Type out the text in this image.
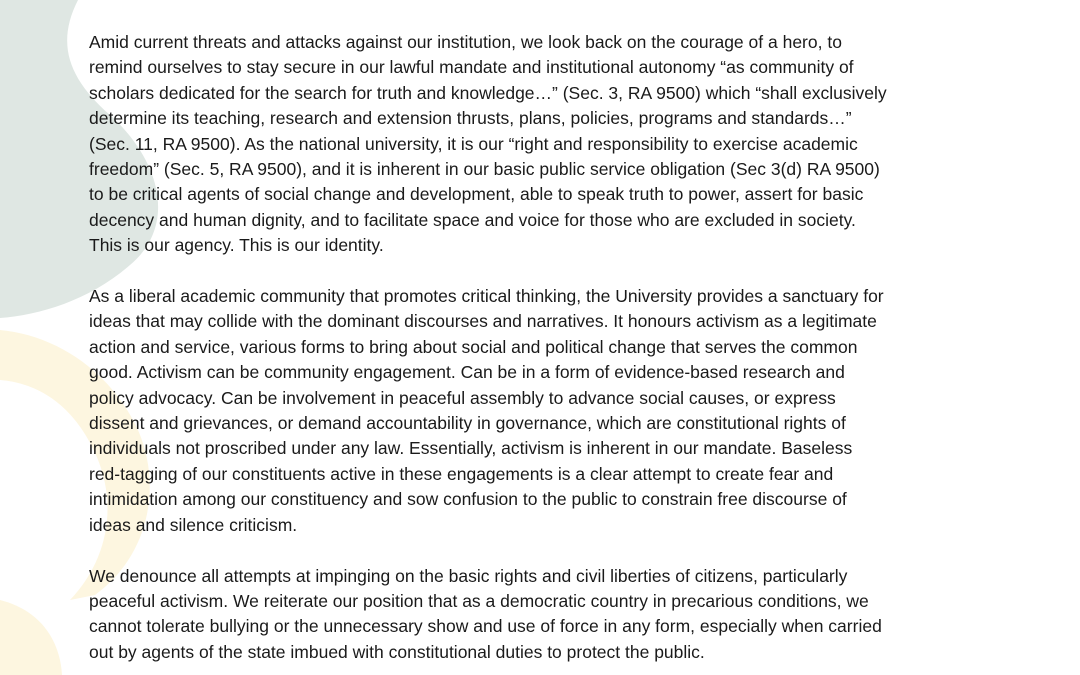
Amid current threats and attacks against our institution, we look back on the courage of a hero, to
remind ourselves to stay secure in our lawful mandate and institutional autonomy “as community of
scholars dedicated for the search for truth and knowledge…” (Sec. 3, RA 9500) which “shall exclusively
determine its teaching, research and extension thrusts, plans, policies, programs and standards…”
(Sec. 11, RA 9500). As the national university, it is our “right and responsibility to exercise academic
freedom” (Sec. 5, RA 9500), and it is inherent in our basic public service obligation (Sec 3(d) RA 9500)
to be critical agents of social change and development, able to speak truth to power, assert for basic
decency and human dignity, and to facilitate space and voice for those who are excluded in society.
This is our agency. This is our identity.

As a liberal academic community that promotes critical thinking, the University provides a sanctuary for
ideas that may collide with the dominant discourses and narratives. It honours activism as a legitimate
action and service, various forms to bring about social and political change that serves the common
good. Activism can be community engagement. Can be in a form of evidence-based research and
policy advocacy. Can be involvement in peaceful assembly to advance social causes, or express
dissent and grievances, or demand accountability in governance, which are constitutional rights of
individuals not proscribed under any law. Essentially, activism is inherent in our mandate. Baseless
red-tagging of our constituents active in these engagements is a clear attempt to create fear and
intimidation among our constituency and sow confusion to the public to constrain free discourse of
ideas and silence criticism.

We denounce all attempts at impinging on the basic rights and civil liberties of citizens, particularly
peaceful activism. We reiterate our position that as a democratic country in precarious conditions, we
cannot tolerate bullying or the unnecessary show and use of force in any form, especially when carried
out by agents of the state imbued with constitutional duties to protect the public.
